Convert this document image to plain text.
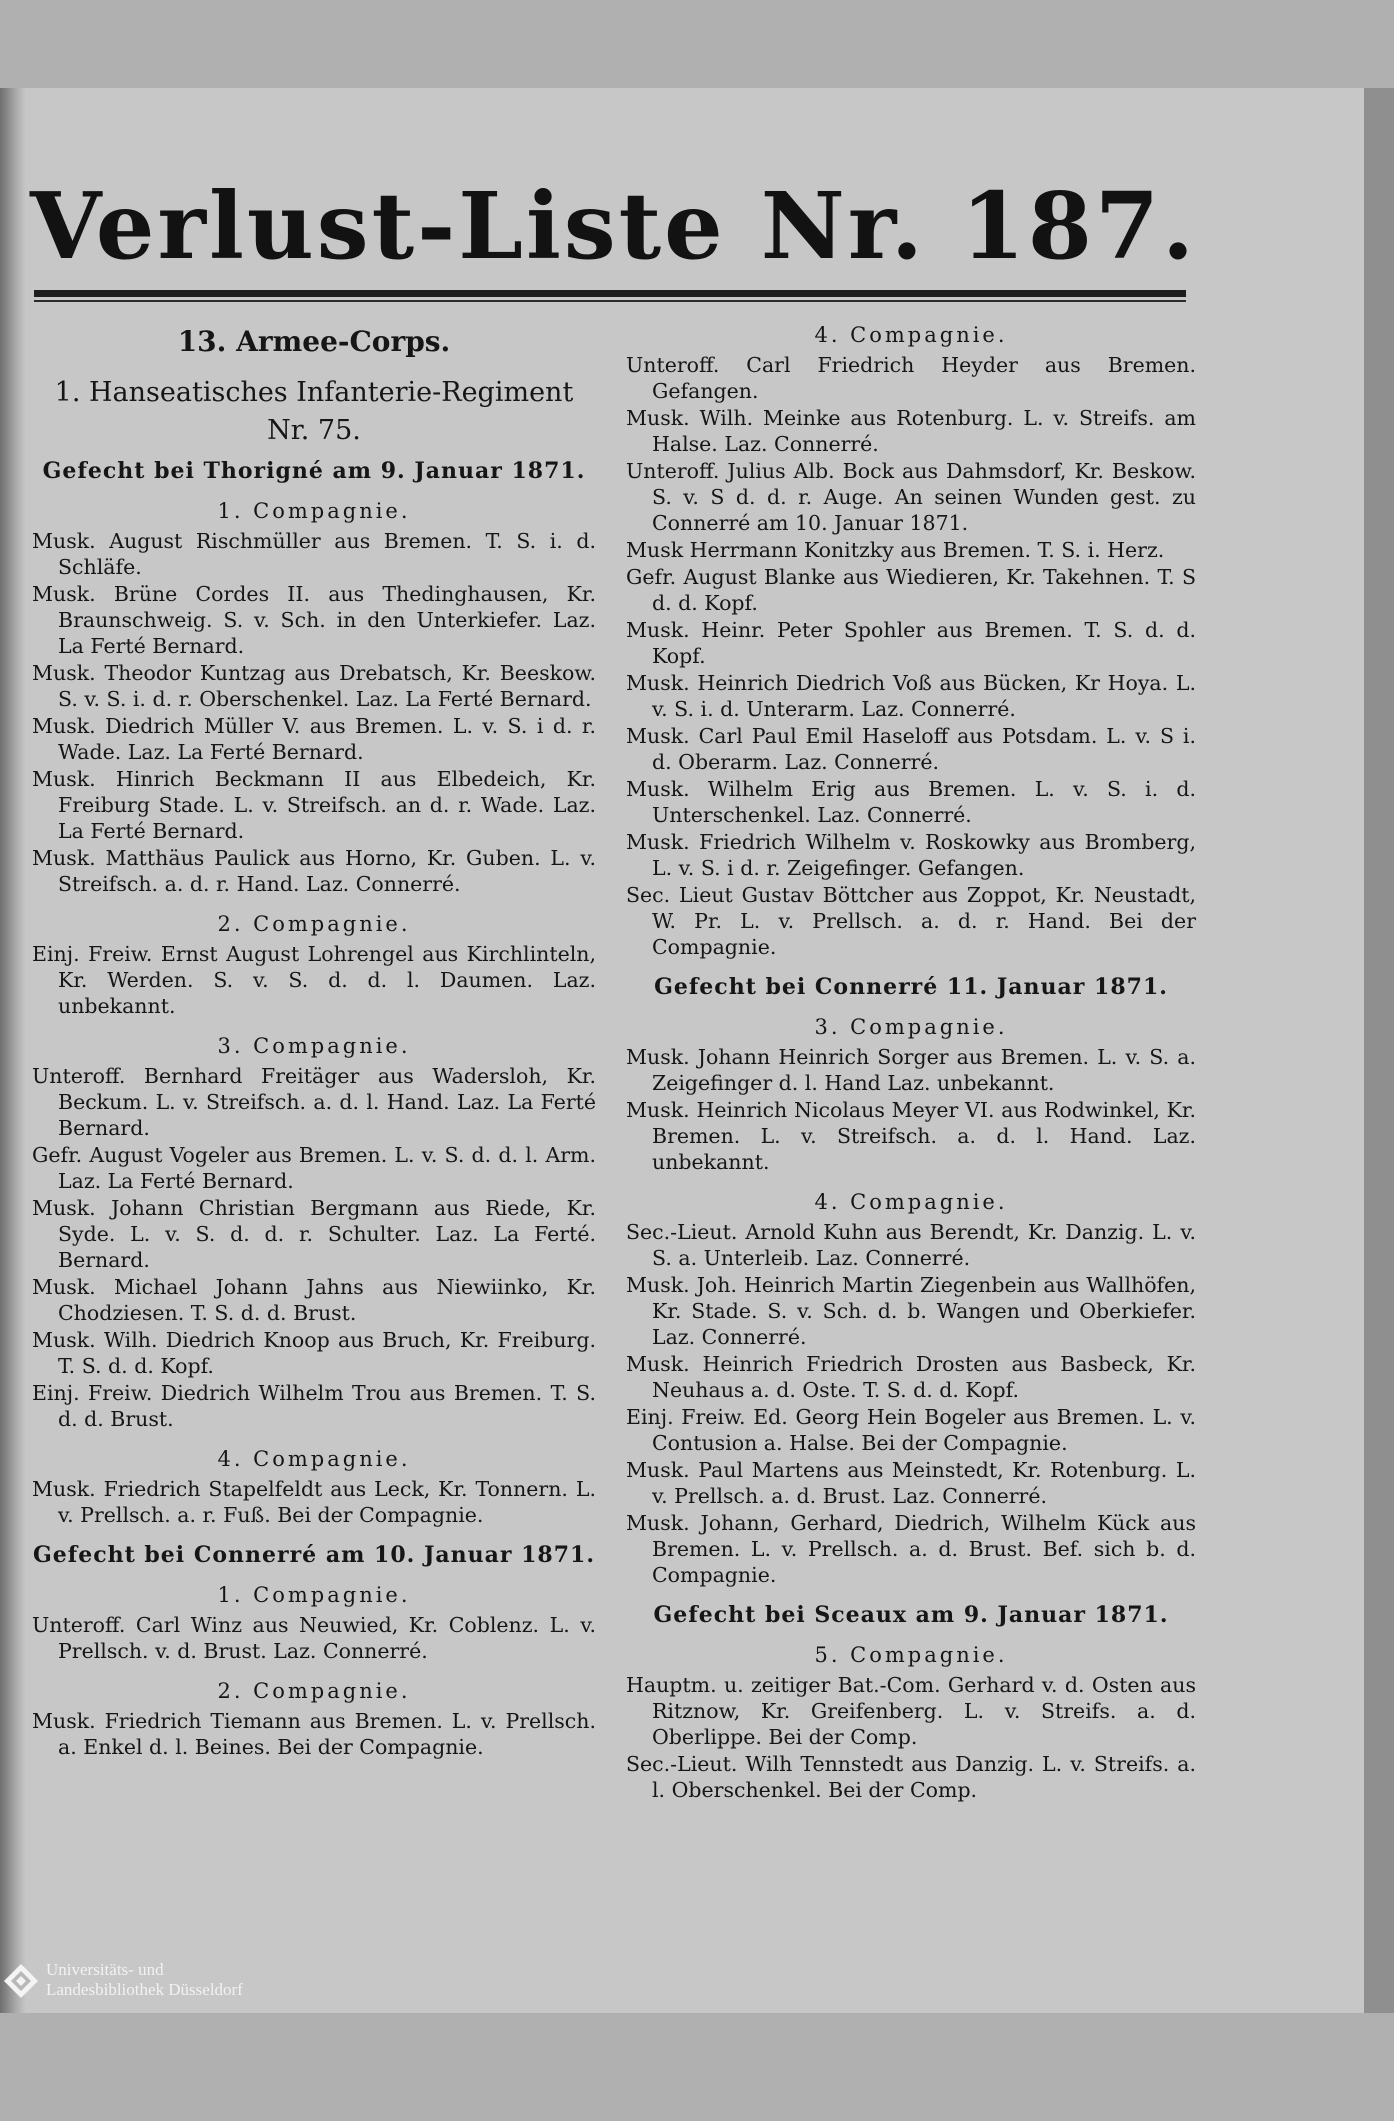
Verlust-Liste Nr. 187.
13. Armee-Corps.
1. Hanseatisches Infanterie-Regiment Nr. 75.
Gefecht bei Thorigné am 9. Januar 1871.
1. Compagnie.
Musk. August Rischmüller aus Bremen. T. S. i. d. Schläfe.
Musk. Brüne Cordes II. aus Thedinghausen, Kr. Braunschweig. S. v. Sch. in den Unterkiefer. Laz. La Ferté Bernard.
Musk. Theodor Kuntzag aus Drebatsch, Kr. Beeskow. S. v. S. i. d. r. Oberschenkel. Laz. La Ferté Bernard.
Musk. Diedrich Müller V. aus Bremen. L. v. S. i d. r. Wade. Laz. La Ferté Bernard.
Musk. Hinrich Beckmann II aus Elbedeich, Kr. Freiburg Stade. L. v. Streifsch. an d. r. Wade. Laz. La Ferté Bernard.
Musk. Matthäus Paulick aus Horno, Kr. Guben. L. v. Streifsch. a. d. r. Hand. Laz. Connerré.
2. Compagnie.
Einj. Freiw. Ernst August Lohrengel aus Kirchlinteln, Kr. Werden. S. v. S. d. d. l. Daumen. Laz. unbekannt.
3. Compagnie.
Unteroff. Bernhard Freitäger aus Wadersloh, Kr. Beckum. L. v. Streifsch. a. d. l. Hand. Laz. La Ferté Bernard.
Gefr. August Vogeler aus Bremen. L. v. S. d. d. l. Arm. Laz. La Ferté Bernard.
Musk. Johann Christian Bergmann aus Riede, Kr. Syde. L. v. S. d. d. r. Schulter. Laz. La Ferté. Bernard.
Musk. Michael Johann Jahns aus Niewiinko, Kr. Chodziesen. T. S. d. d. Brust.
Musk. Wilh. Diedrich Knoop aus Bruch, Kr. Freiburg. T. S. d. d. Kopf.
Einj. Freiw. Diedrich Wilhelm Trou aus Bremen. T. S. d. d. Brust.
4. Compagnie.
Musk. Friedrich Stapelfeldt aus Leck, Kr. Tonnern. L. v. Prellsch. a. r. Fuß. Bei der Compagnie.
Gefecht bei Connerré am 10. Januar 1871.
1. Compagnie.
Unteroff. Carl Winz aus Neuwied, Kr. Coblenz. L. v. Prellsch. v. d. Brust. Laz. Connerré.
2. Compagnie.
Musk. Friedrich Tiemann aus Bremen. L. v. Prellsch. a. Enkel d. l. Beines. Bei der Compagnie.
4. Compagnie.
Unteroff. Carl Friedrich Heyder aus Bremen. Gefangen.
Musk. Wilh. Meinke aus Rotenburg. L. v. Streifs. am Halse. Laz. Connerré.
Unteroff. Julius Alb. Bock aus Dahmsdorf, Kr. Beskow. S. v. S d. d. r. Auge. An seinen Wunden gest. zu Connerré am 10. Januar 1871.
Musk Herrmann Konitzky aus Bremen. T. S. i. Herz.
Gefr. August Blanke aus Wiedieren, Kr. Takehnen. T. S d. d. Kopf.
Musk. Heinr. Peter Spohler aus Bremen. T. S. d. d. Kopf.
Musk. Heinrich Diedrich Voß aus Bücken, Kr Hoya. L. v. S. i. d. Unterarm. Laz. Connerré.
Musk. Carl Paul Emil Haseloff aus Potsdam. L. v. S i. d. Oberarm. Laz. Connerré.
Musk. Wilhelm Erig aus Bremen. L. v. S. i. d. Unterschenkel. Laz. Connerré.
Musk. Friedrich Wilhelm v. Roskowky aus Bromberg, L. v. S. i d. r. Zeigefinger. Gefangen.
Sec. Lieut Gustav Böttcher aus Zoppot, Kr. Neustadt, W. Pr. L. v. Prellsch. a. d. r. Hand. Bei der Compagnie.
Gefecht bei Connerré 11. Januar 1871.
3. Compagnie.
Musk. Johann Heinrich Sorger aus Bremen. L. v. S. a. Zeigefinger d. l. Hand Laz. unbekannt.
Musk. Heinrich Nicolaus Meyer VI. aus Rodwinkel, Kr. Bremen. L. v. Streifsch. a. d. l. Hand. Laz. unbekannt.
4. Compagnie.
Sec.-Lieut. Arnold Kuhn aus Berendt, Kr. Danzig. L. v. S. a. Unterleib. Laz. Connerré.
Musk. Joh. Heinrich Martin Ziegenbein aus Wallhöfen, Kr. Stade. S. v. Sch. d. b. Wangen und Oberkiefer. Laz. Connerré.
Musk. Heinrich Friedrich Drosten aus Basbeck, Kr. Neuhaus a. d. Oste. T. S. d. d. Kopf.
Einj. Freiw. Ed. Georg Hein Bogeler aus Bremen. L. v. Contusion a. Halse. Bei der Compagnie.
Musk. Paul Martens aus Meinstedt, Kr. Rotenburg. L. v. Prellsch. a. d. Brust. Laz. Connerré.
Musk. Johann, Gerhard, Diedrich, Wilhelm Kück aus Bremen. L. v. Prellsch. a. d. Brust. Bef. sich b. d. Compagnie.
Gefecht bei Sceaux am 9. Januar 1871.
5. Compagnie.
Hauptm. u. zeitiger Bat.-Com. Gerhard v. d. Osten aus Ritznow, Kr. Greifenberg. L. v. Streifs. a. d. Oberlippe. Bei der Comp.
Sec.-Lieut. Wilh Tennstedt aus Danzig. L. v. Streifs. a. l. Oberschenkel. Bei der Comp.
Universitäts- und
Landesbibliothek Düsseldorf
